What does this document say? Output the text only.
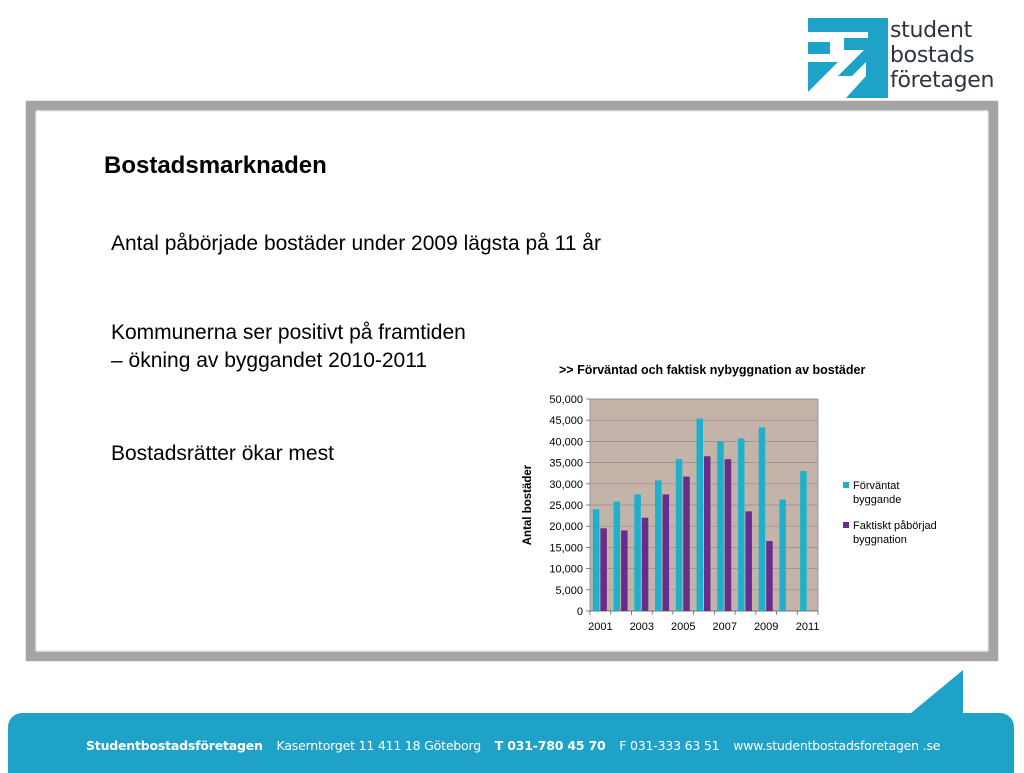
student
bostads
företagen
Bostadsmarknaden
Antal påbörjade bostäder under 2009 lägsta på 11 år
Kommunerna ser positivt på framtiden
– ökning av byggandet 2010-2011
Bostadsrätter ökar mest
>> Förväntad och faktisk nybyggnation av bostäder
0
5,000
10,000
15,000
20,000
25,000
30,000
35,000
40,000
45,000
50,000
Antal bostäder
2001 2003 2005 2007 2009 2011
Förväntat
byggande
Faktiskt påbörjad
byggnation
Studentbostadsföretagen Kaserntorget 11 411 18 Göteborg T 031-780 45 70 F 031-333 63 51 www.studentbostadsforetagen .se
